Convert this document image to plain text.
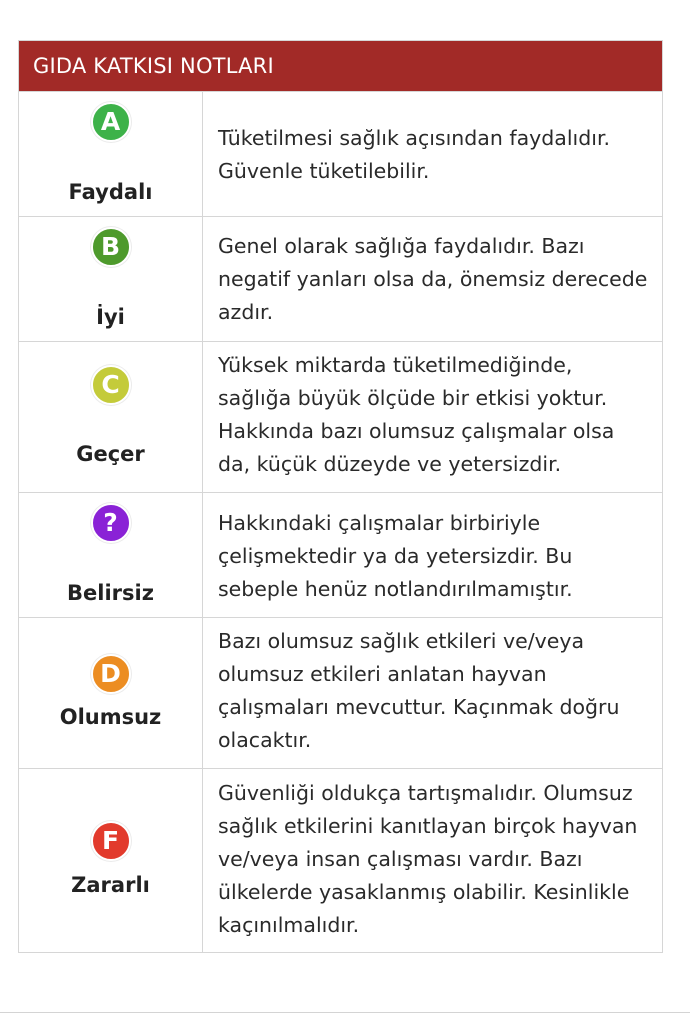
GIDA KATKISI NOTLARI
A
Faydalı
Tüketilmesi sağlık açısından faydalıdır. Güvenle tüketilebilir.
B
İyi
Genel olarak sağlığa faydalıdır. Bazı negatif yanları olsa da, önemsiz derecede azdır.
C
Geçer
Yüksek miktarda tüketilmediğinde, sağlığa büyük ölçüde bir etkisi yoktur. Hakkında bazı olumsuz çalışmalar olsa da, küçük düzeyde ve yetersizdir.
?
Belirsiz
Hakkındaki çalışmalar birbiriyle çelişmektedir ya da yetersizdir. Bu sebeple henüz notlandırılmamıştır.
D
Olumsuz
Bazı olumsuz sağlık etkileri ve/veya olumsuz etkileri anlatan hayvan çalışmaları mevcuttur. Kaçınmak doğru olacaktır.
F
Zararlı
Güvenliği oldukça tartışmalıdır. Olumsuz sağlık etkilerini kanıtlayan birçok hayvan ve/veya insan çalışması vardır. Bazı ülkelerde yasaklanmış olabilir. Kesinlikle kaçınılmalıdır.
